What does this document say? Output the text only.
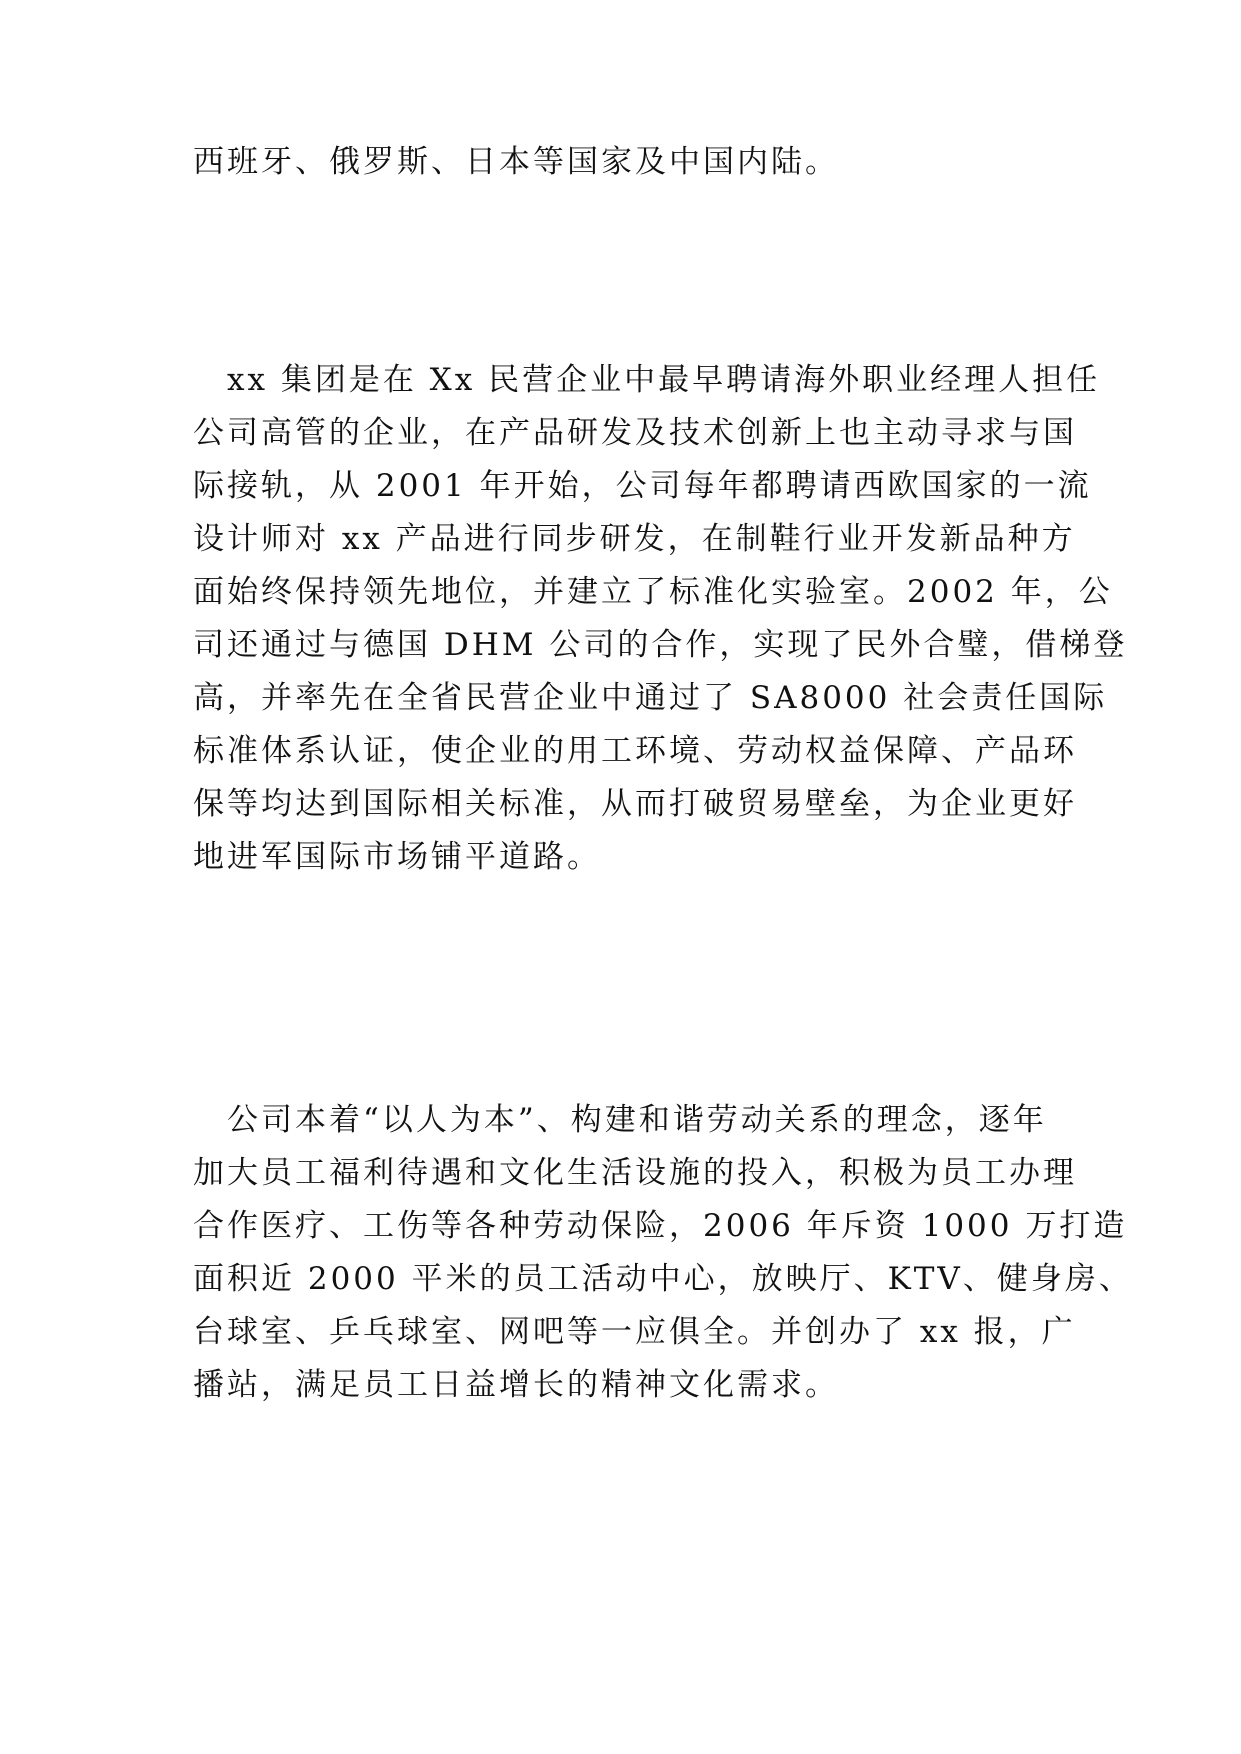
西班牙、俄罗斯、日本等国家及中国内陆。
　xx 集团是在 Xx 民营企业中最早聘请海外职业经理人担任
公司高管的企业，在产品研发及技术创新上也主动寻求与国
际接轨，从 2001 年开始，公司每年都聘请西欧国家的一流
设计师对 xx 产品进行同步研发，在制鞋行业开发新品种方
面始终保持领先地位，并建立了标准化实验室。2002 年，公
司还通过与德国 DHM 公司的合作，实现了民外合璧，借梯登
高，并率先在全省民营企业中通过了 SA8000 社会责任国际
标准体系认证，使企业的用工环境、劳动权益保障、产品环
保等均达到国际相关标准，从而打破贸易壁垒，为企业更好
地进军国际市场铺平道路。
　公司本着“以人为本”、构建和谐劳动关系的理念，逐年
加大员工福利待遇和文化生活设施的投入，积极为员工办理
合作医疗、工伤等各种劳动保险，2006 年斥资 1000 万打造
面积近 2000 平米的员工活动中心，放映厅、KTV、健身房、
台球室、乒乓球室、网吧等一应俱全。并创办了 xx 报，广
播站，满足员工日益增长的精神文化需求。
